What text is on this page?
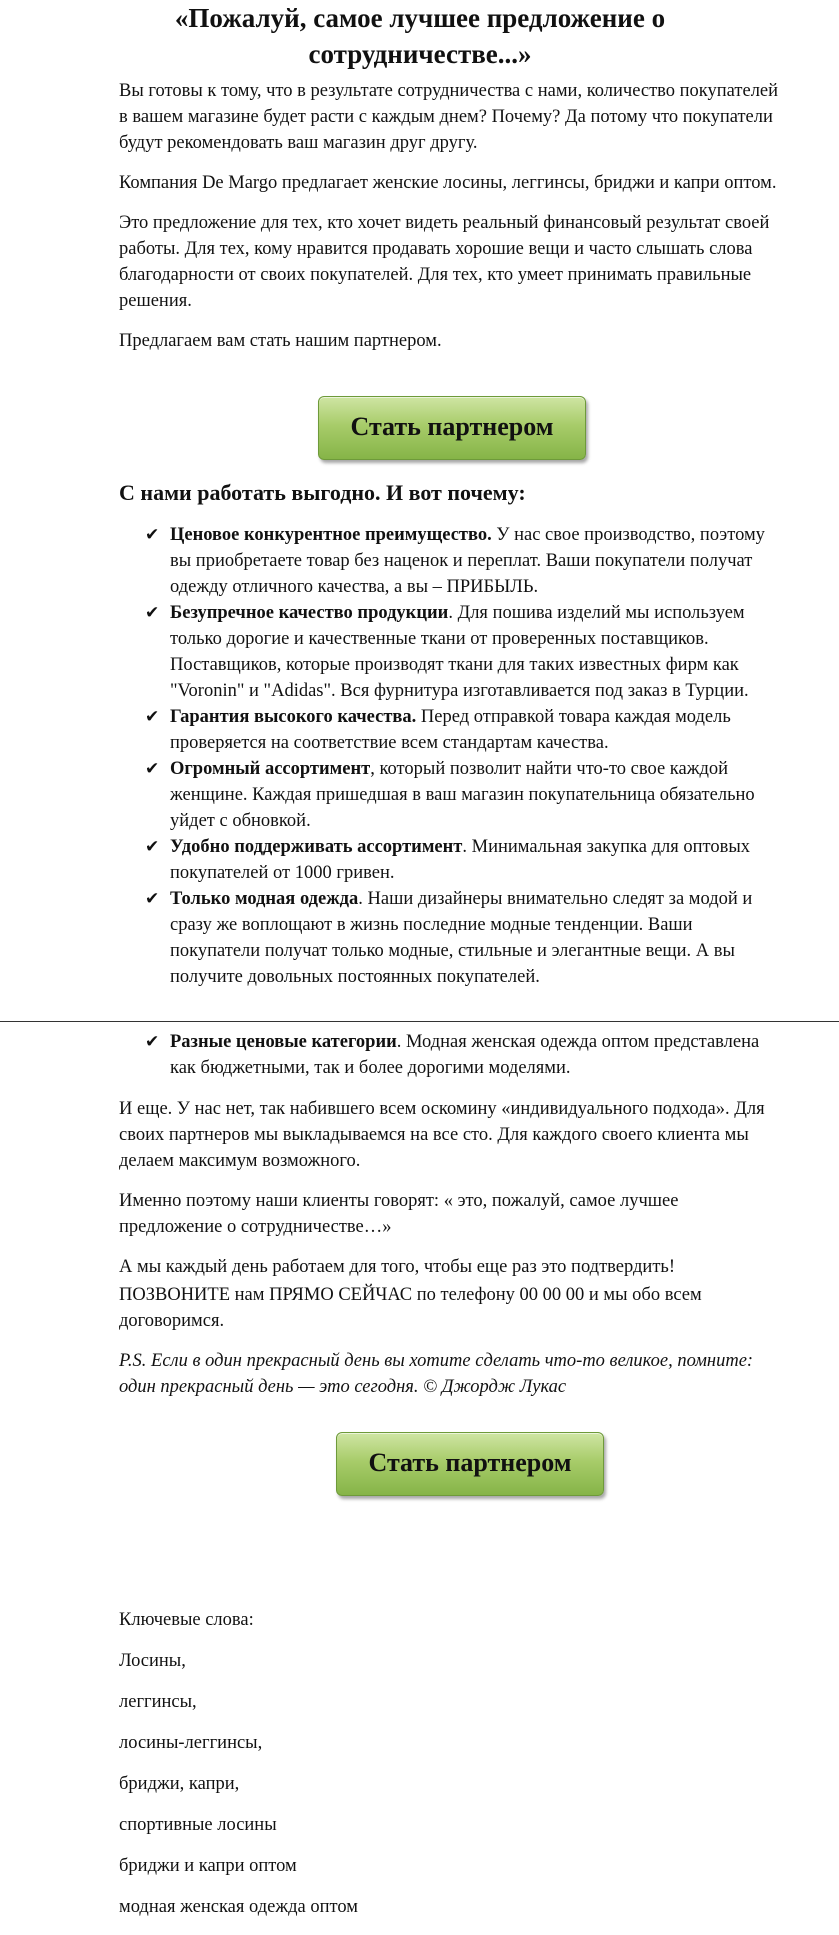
«Пожалуй, самое лучшее предложение о сотрудничестве...»

Вы готовы к тому, что в результате сотрудничества с нами, количество покупателей в вашем магазине будет расти с каждым днем? Почему? Да потому что покупатели будут рекомендовать ваш магазин друг другу.

Компания De Margo предлагает женские лосины, леггинсы, бриджи и капри оптом.

Это предложение для тех, кто хочет видеть реальный финансовый результат своей работы. Для тех, кому нравится продавать хорошие вещи и часто слышать слова благодарности от своих покупателей. Для тех, кто умеет принимать правильные решения.

Предлагаем вам стать нашим партнером.

Стать партнером

С нами работать выгодно. И вот почему:

✔ Ценовое конкурентное преимущество. У нас свое производство, поэтому вы приобретаете товар без наценок и переплат. Ваши покупатели получат одежду отличного качества, а вы – ПРИБЫЛЬ.
✔ Безупречное качество продукции. Для пошива изделий мы используем только дорогие и качественные ткани от проверенных поставщиков. Поставщиков, которые производят ткани для таких известных фирм как "Voronin" и "Adidas". Вся фурнитура изготавливается под заказ в Турции.
✔ Гарантия высокого качества. Перед отправкой товара каждая модель проверяется на соответствие всем стандартам качества.
✔ Огромный ассортимент, который позволит найти что-то свое каждой женщине. Каждая пришедшая в ваш магазин покупательница обязательно уйдет с обновкой.
✔ Удобно поддерживать ассортимент. Минимальная закупка для оптовых покупателей от 1000 гривен.
✔ Только модная одежда. Наши дизайнеры внимательно следят за модой и сразу же воплощают в жизнь последние модные тенденции. Ваши покупатели получат только модные, стильные и элегантные вещи. А вы получите довольных постоянных покупателей.
✔ Разные ценовые категории. Модная женская одежда оптом представлена как бюджетными, так и более дорогими моделями.

И еще. У нас нет, так набившего всем оскомину «индивидуального подхода». Для своих партнеров мы выкладываемся на все сто. Для каждого своего клиента мы делаем максимум возможного.

Именно поэтому наши клиенты говорят: « это, пожалуй, самое лучшее предложение о сотрудничестве…»

А мы каждый день работаем для того, чтобы еще раз это подтвердить!

ПОЗВОНИТЕ нам ПРЯМО СЕЙЧАС по телефону 00 00 00 и мы обо всем договоримся.

P.S. Если в один прекрасный день вы хотите сделать что-то великое, помните: один прекрасный день — это сегодня. © Джордж Лукас

Стать партнером
Ключевые слова:
Лосины,
леггинсы,
лосины-леггинсы,
бриджи, капри,
спортивные лосины
бриджи и капри оптом
модная женская одежда оптом
